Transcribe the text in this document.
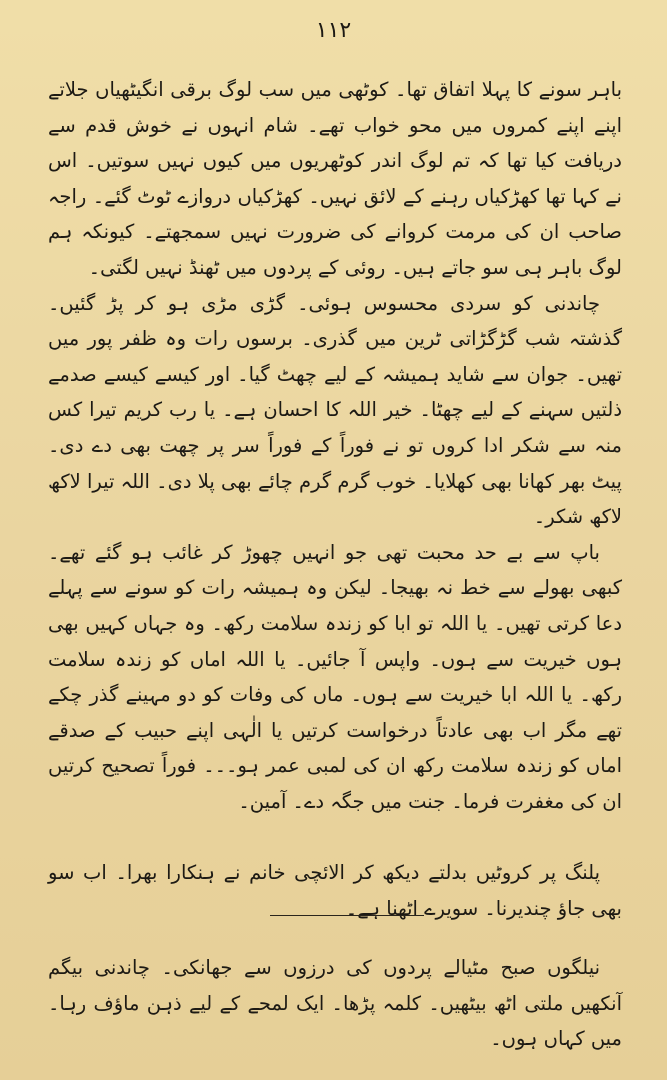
۱۱۲

باہر سونے کا پہلا اتفاق تھا۔ کوٹھی میں سب لوگ برقی انگیٹھیاں جلاتے اپنے اپنے کمروں میں محو خواب تھے۔ شام انہوں نے خوش قدم سے دریافت کیا تھا کہ تم لوگ اندر کوٹھریوں میں کیوں نہیں سوتیں۔ اس نے کہا تھا کھڑکیاں رہنے کے لائق نہیں۔ کھڑکیاں دروازے ٹوٹ گئے۔ راجہ صاحب ان کی مرمت کروانے کی ضرورت نہیں سمجھتے۔ کیونکہ ہم لوگ باہر ہی سو جاتے ہیں۔ روئی کے پردوں میں ٹھنڈ نہیں لگتی۔

چاندنی کو سردی محسوس ہوئی۔ گڑی مڑی ہو کر پڑ گئیں۔ گذشتہ شب گڑگڑاتی ٹرین میں گذری۔ برسوں رات وہ ظفر پور میں تھیں۔ جوان سے شاید ہمیشہ کے لیے چھٹ گیا۔ اور کیسے کیسے صدمے ذلتیں سہنے کے لیے چھٹا۔ خیر اللہ کا احسان ہے۔ یا رب کریم تیرا کس منہ سے شکر ادا کروں تو نے فوراً کے فوراً سر پر چھت بھی دے دی۔ پیٹ بھر کھانا بھی کھلایا۔ خوب گرم گرم چائے بھی پلا دی۔ اللہ تیرا لاکھ لاکھ شکر۔

باپ سے بے حد محبت تھی جو انہیں چھوڑ کر غائب ہو گئے تھے۔ کبھی بھولے سے خط نہ بھیجا۔ لیکن وہ ہمیشہ رات کو سونے سے پہلے دعا کرتی تھیں۔ یا اللہ تو ابا کو زندہ سلامت رکھ۔ وہ جہاں کہیں بھی ہوں خیریت سے ہوں۔ واپس آ جائیں۔ یا اللہ اماں کو زندہ سلامت رکھ۔ یا اللہ ابا خیریت سے ہوں۔ ماں کی وفات کو دو مہینے گذر چکے تھے مگر اب بھی عادتاً درخواست کرتیں یا الٰہی اپنے حبیب کے صدقے اماں کو زندہ سلامت رکھ ان کی لمبی عمر ہو۔۔۔ فوراً تصحیح کرتیں ان کی مغفرت فرما۔ جنت میں جگہ دے۔ آمین۔

پلنگ پر کروٹیں بدلتے دیکھ کر الائچی خانم نے ہنکارا بھرا۔ اب سو بھی جاؤ چندیرنا۔ سویرے اٹھنا ہے۔

نیلگوں صبح مٹیالے پردوں کی درزوں سے جھانکی۔ چاندنی بیگم آنکھیں ملتی اٹھ بیٹھیں۔ کلمہ پڑھا۔ ایک لمحے کے لیے ذہن ماؤف رہا۔ میں کہاں ہوں۔
